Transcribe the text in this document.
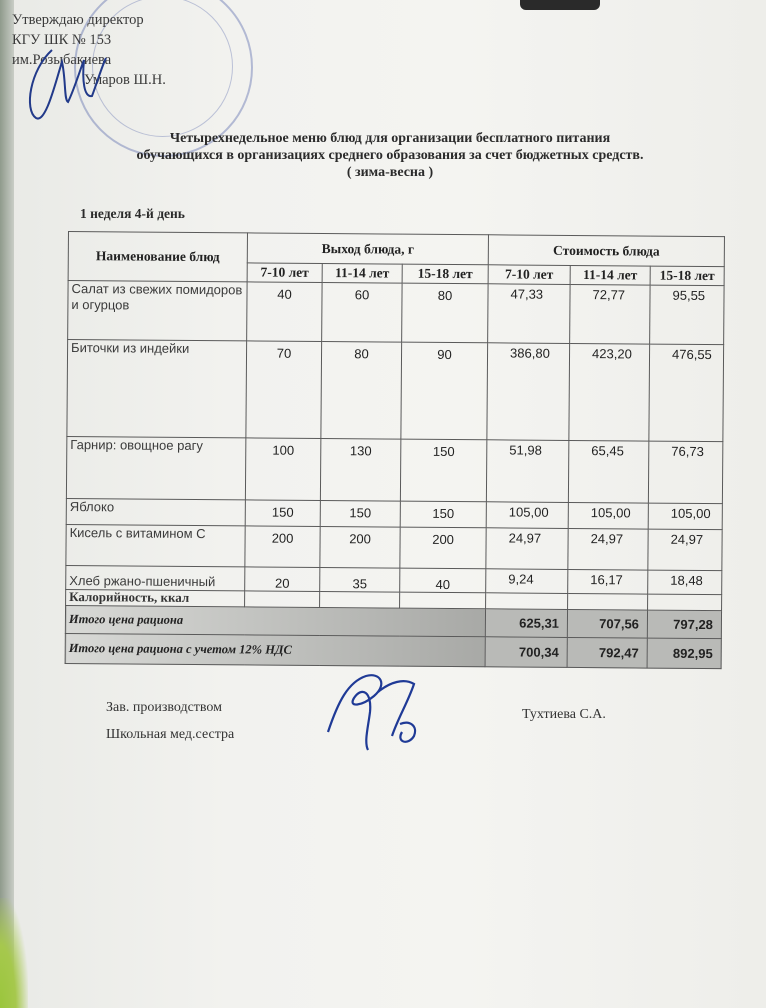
Утверждаю директор
КГУ ШК № 153
им.Розыбакиева
Умаров Ш.Н.
Четырехнедельное меню блюд для организации бесплатного питания
обучающихся в организациях среднего образования за счет бюджетных средств.
( зима-весна )
1 неделя 4-й день
Наименование блюд	Выход блюда, г			Стоимость блюда		
	7-10 лет	11-14 лет	15-18 лет	7-10 лет	11-14 лет	15-18 лет
Салат из свежих помидоров и огурцов	40	60	80	47,33	72,77	95,55
Биточки из индейки	70	80	90	386,80	423,20	476,55
Гарнир: овощное рагу	100	130	150	51,98	65,45	76,73
Яблоко	150	150	150	105,00	105,00	105,00
Кисель с витамином С	200	200	200	24,97	24,97	24,97
Хлеб ржано-пшеничный	20	35	40	9,24	16,17	18,48
Калорийность, ккал						
Итого цена рациона				625,31	707,56	797,28
Итого цена рациона с учетом 12% НДС				700,34	792,47	892,95
Зав. производством
Школьная мед.сестра
Тухтиева С.А.
